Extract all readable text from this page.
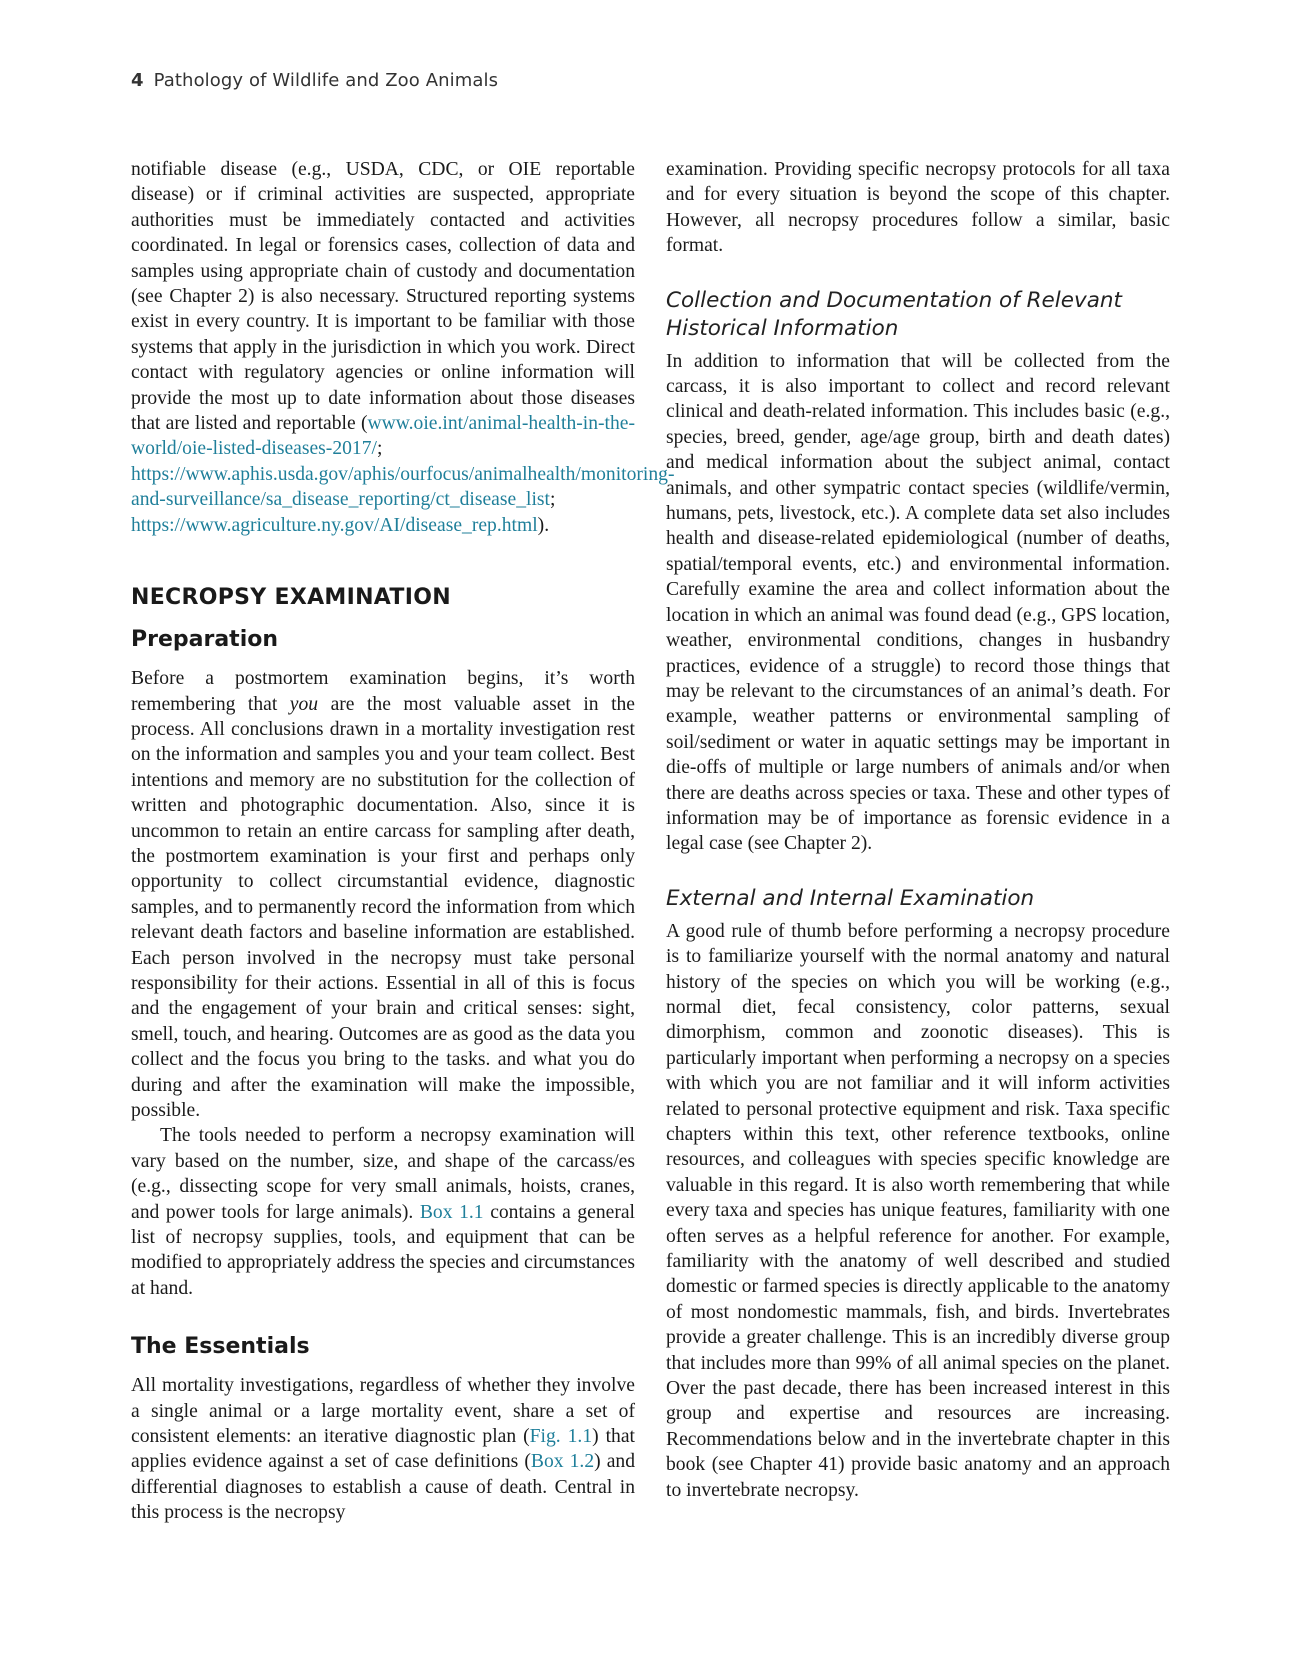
4 Pathology of Wildlife and Zoo Animals

notifiable disease (e.g., USDA, CDC, or OIE reportable disease) or if criminal activities are suspected, appropriate authorities must be immediately contacted and activities coordinated. In legal or forensics cases, collection of data and samples using appropriate chain of custody and documentation (see Chapter 2) is also necessary. Structured reporting systems exist in every country. It is important to be familiar with those systems that apply in the jurisdiction in which you work. Direct contact with regulatory agencies or online information will provide the most up to date information about those diseases that are listed and reportable (www.oie.int/animal-health-in-the-world/oie-listed-diseases-2017/; https://www.aphis.usda.gov/aphis/ourfocus/animalhealth/monitoring-and-surveillance/sa_disease_reporting/ct_disease_list; https://www.agriculture.ny.gov/AI/disease_rep.html).

NECROPSY EXAMINATION
Preparation

Before a postmortem examination begins, it’s worth remembering that you are the most valuable asset in the process. All conclusions drawn in a mortality investigation rest on the information and samples you and your team collect. Best intentions and memory are no substitution for the collection of written and photographic documentation. Also, since it is uncommon to retain an entire carcass for sampling after death, the postmortem examination is your first and perhaps only opportunity to collect circumstantial evidence, diagnostic samples, and to permanently record the information from which relevant death factors and baseline information are established. Each person involved in the necropsy must take personal responsibility for their actions. Essential in all of this is focus and the engagement of your brain and critical senses: sight, smell, touch, and hearing. Outcomes are as good as the data you collect and the focus you bring to the tasks. and what you do during and after the examination will make the impossible, possible.

The tools needed to perform a necropsy examination will vary based on the number, size, and shape of the carcass/es (e.g., dissecting scope for very small animals, hoists, cranes, and power tools for large animals). Box 1.1 contains a general list of necropsy supplies, tools, and equipment that can be modified to appropriately address the species and circumstances at hand.

The Essentials

All mortality investigations, regardless of whether they involve a single animal or a large mortality event, share a set of consistent elements: an iterative diagnostic plan (Fig. 1.1) that applies evidence against a set of case definitions (Box 1.2) and differential diagnoses to establish a cause of death. Central in this process is the necropsy

examination. Providing specific necropsy protocols for all taxa and for every situation is beyond the scope of this chapter. However, all necropsy procedures follow a similar, basic format.

Collection and Documentation of Relevant Historical Information

In addition to information that will be collected from the carcass, it is also important to collect and record relevant clinical and death-related information. This includes basic (e.g., species, breed, gender, age/age group, birth and death dates) and medical information about the subject animal, contact animals, and other sympatric contact species (wildlife/vermin, humans, pets, livestock, etc.). A complete data set also includes health and disease-related epidemiological (number of deaths, spatial/temporal events, etc.) and environmental information. Carefully examine the area and collect information about the location in which an animal was found dead (e.g., GPS location, weather, environmental conditions, changes in husbandry practices, evidence of a struggle) to record those things that may be relevant to the circumstances of an animal’s death. For example, weather patterns or environmental sampling of soil/sediment or water in aquatic settings may be important in die-offs of multiple or large numbers of animals and/or when there are deaths across species or taxa. These and other types of information may be of importance as forensic evidence in a legal case (see Chapter 2).

External and Internal Examination

A good rule of thumb before performing a necropsy procedure is to familiarize yourself with the normal anatomy and natural history of the species on which you will be working (e.g., normal diet, fecal consistency, color patterns, sexual dimorphism, common and zoonotic diseases). This is particularly important when performing a necropsy on a species with which you are not familiar and it will inform activities related to personal protective equipment and risk. Taxa specific chapters within this text, other reference textbooks, online resources, and colleagues with species specific knowledge are valuable in this regard. It is also worth remembering that while every taxa and species has unique features, familiarity with one often serves as a helpful reference for another. For example, familiarity with the anatomy of well described and studied domestic or farmed species is directly applicable to the anatomy of most nondomestic mammals, fish, and birds. Invertebrates provide a greater challenge. This is an incredibly diverse group that includes more than 99% of all animal species on the planet. Over the past decade, there has been increased interest in this group and expertise and resources are increasing. Recommendations below and in the invertebrate chapter in this book (see Chapter 41) provide basic anatomy and an approach to invertebrate necropsy.
